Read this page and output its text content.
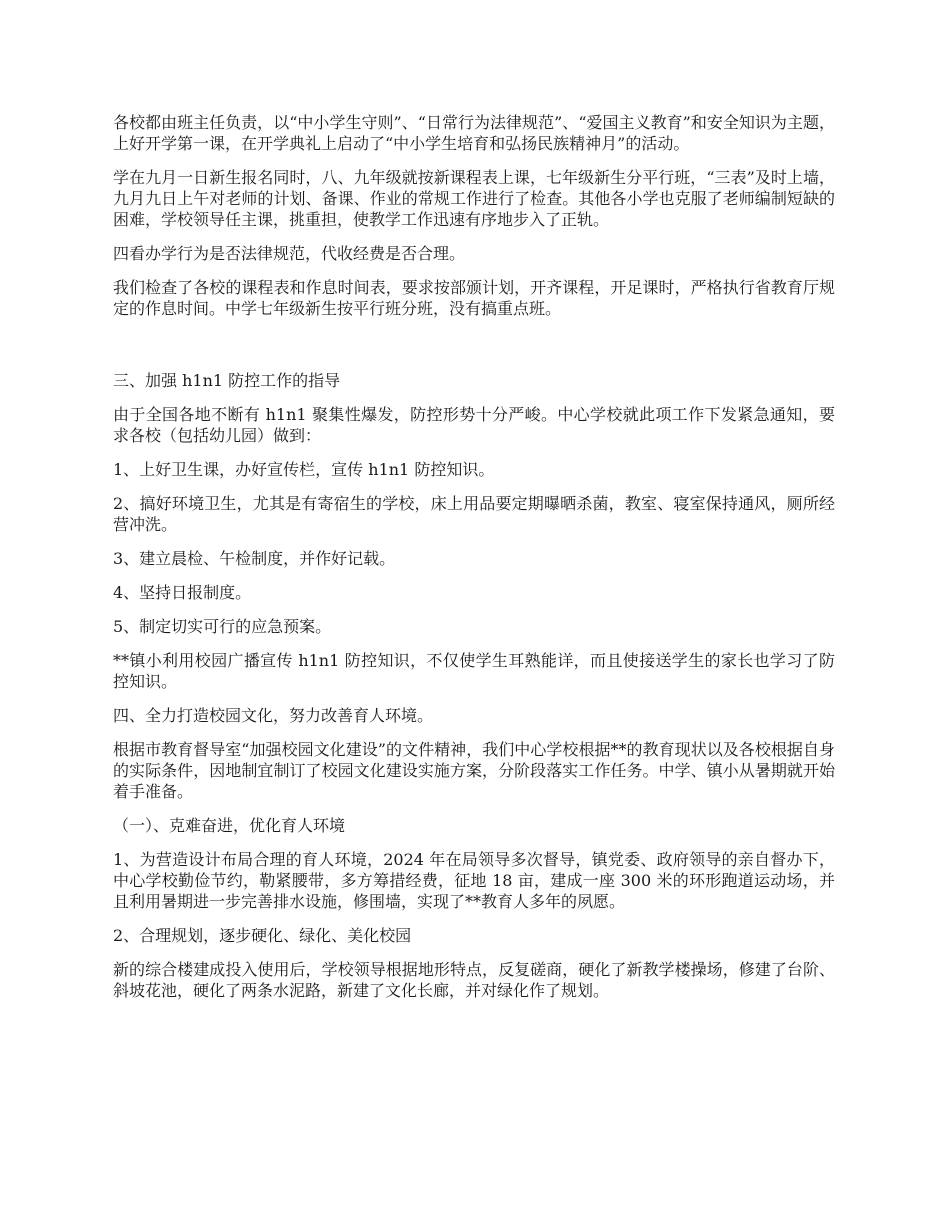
各校都由班主任负责，以“中小学生守则”、“日常行为法律规范”、“爱国主义教育”和安全知识为主题，上好开学第一课，在开学典礼上启动了“中小学生培育和弘扬民族精神月”的活动。

学在九月一日新生报名同时，八、九年级就按新课程表上课，七年级新生分平行班，“三表”及时上墙，九月九日上午对老师的计划、备课、作业的常规工作进行了检查。其他各小学也克服了老师编制短缺的困难，学校领导任主课，挑重担，使教学工作迅速有序地步入了正轨。

四看办学行为是否法律规范，代收经费是否合理。

我们检查了各校的课程表和作息时间表，要求按部颁计划，开齐课程，开足课时，严格执行省教育厅规定的作息时间。中学七年级新生按平行班分班，没有搞重点班。

三、加强 h1n1 防控工作的指导

由于全国各地不断有 h1n1 聚集性爆发，防控形势十分严峻。中心学校就此项工作下发紧急通知，要求各校（包括幼儿园）做到：

1、上好卫生课，办好宣传栏，宣传 h1n1 防控知识。

2、搞好环境卫生，尤其是有寄宿生的学校，床上用品要定期曝晒杀菌，教室、寝室保持通风，厕所经营冲洗。

3、建立晨检、午检制度，并作好记载。

4、坚持日报制度。

5、制定切实可行的应急预案。

**镇小利用校园广播宣传 h1n1 防控知识，不仅使学生耳熟能详，而且使接送学生的家长也学习了防控知识。

四、全力打造校园文化，努力改善育人环境。

根据市教育督导室“加强校园文化建设”的文件精神，我们中心学校根据**的教育现状以及各校根据自身的实际条件，因地制宜制订了校园文化建设实施方案，分阶段落实工作任务。中学、镇小从暑期就开始着手准备。

（一）、克难奋进，优化育人环境

1、为营造设计布局合理的育人环境，2024 年在局领导多次督导，镇党委、政府领导的亲自督办下，中心学校勤俭节约，勒紧腰带，多方筹措经费，征地 18 亩，建成一座 300 米的环形跑道运动场，并且利用暑期进一步完善排水设施，修围墙，实现了**教育人多年的夙愿。

2、合理规划，逐步硬化、绿化、美化校园

新的综合楼建成投入使用后，学校领导根据地形特点，反复磋商，硬化了新教学楼操场，修建了台阶、斜坡花池，硬化了两条水泥路，新建了文化长廊，并对绿化作了规划。
